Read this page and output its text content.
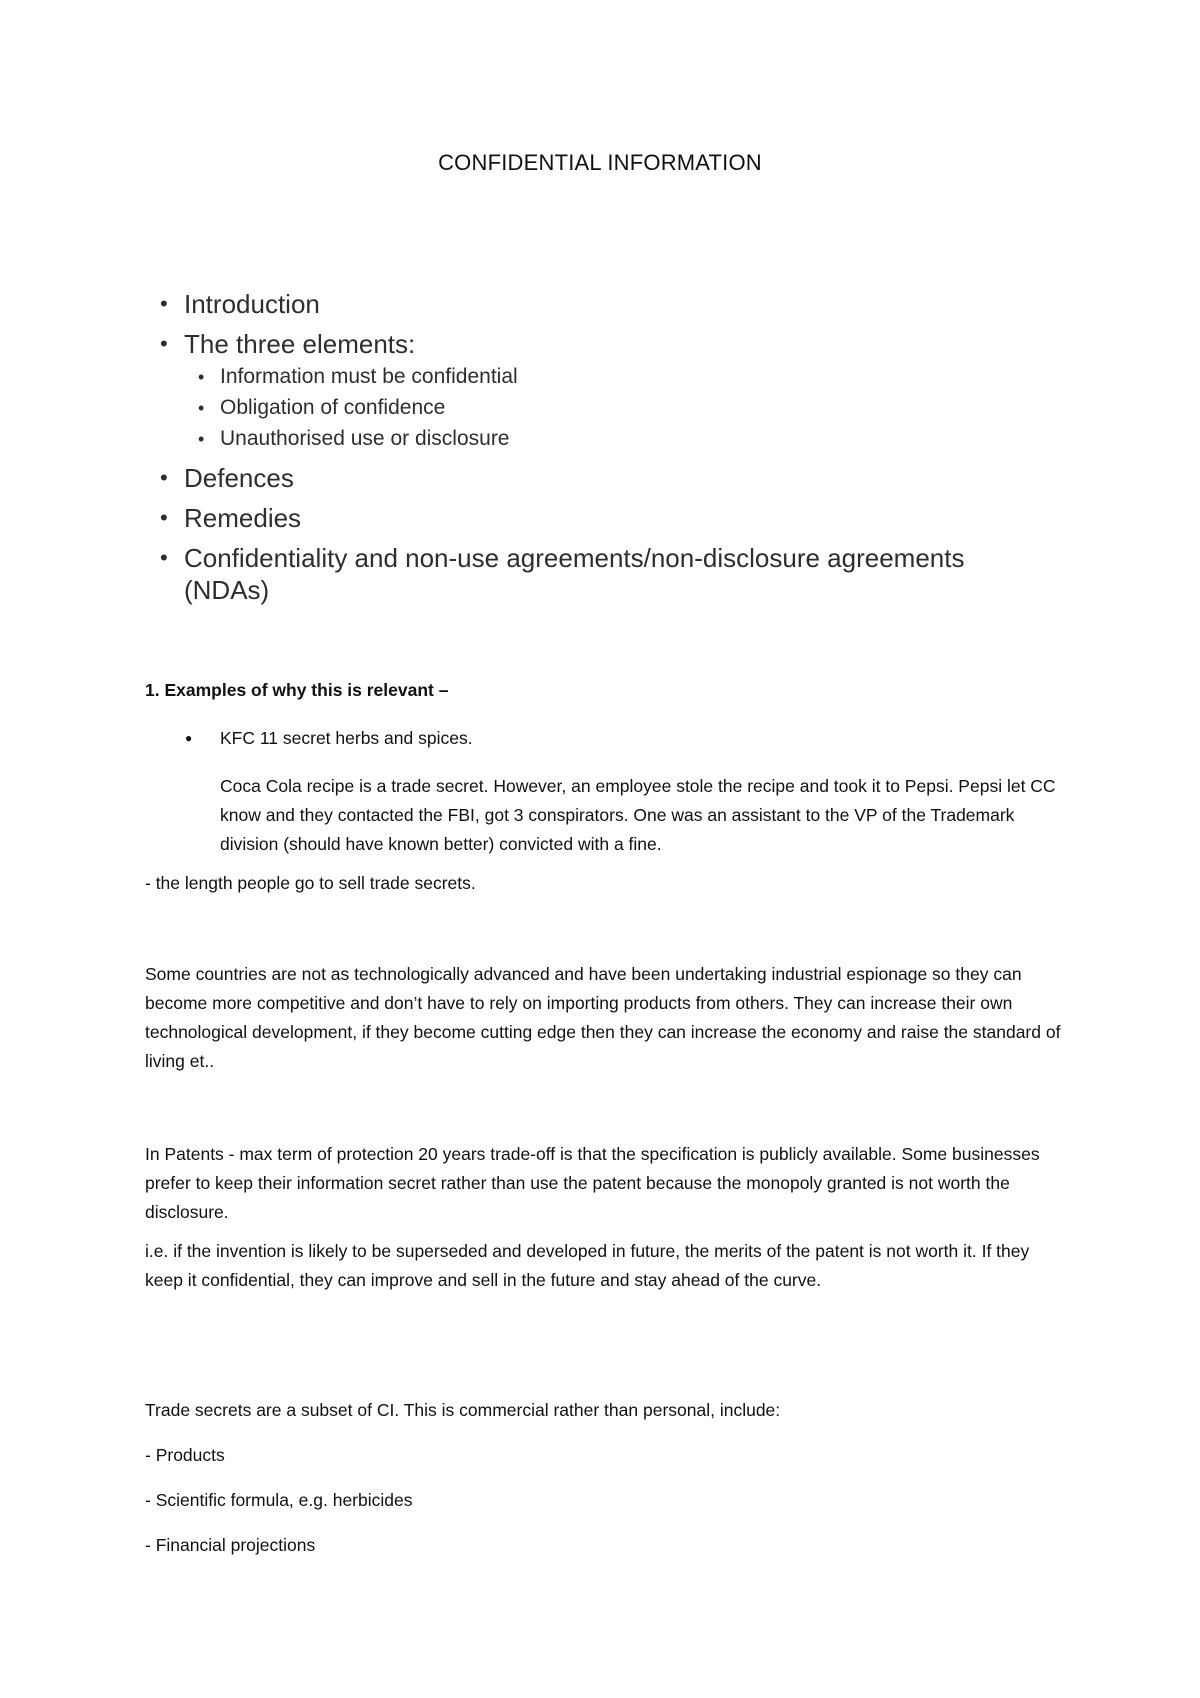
CONFIDENTIAL INFORMATION
• Introduction
• The three elements:
• Information must be confidential
• Obligation of confidence
• Unauthorised use or disclosure
• Defences
• Remedies
• Confidentiality and non-use agreements/non-disclosure agreements
(NDAs)

1. Examples of why this is relevant –

● KFC 11 secret herbs and spices.

Coca Cola recipe is a trade secret. However, an employee stole the recipe and took it to Pepsi. Pepsi let CC know and they contacted the FBI, got 3 conspirators. One was an assistant to the VP of the Trademark division (should have known better) convicted with a fine.

- the length people go to sell trade secrets.

Some countries are not as technologically advanced and have been undertaking industrial espionage so they can become more competitive and don’t have to rely on importing products from others. They can increase their own technological development, if they become cutting edge then they can increase the economy and raise the standard of living et..

In Patents - max term of protection 20 years trade-off is that the specification is publicly available. Some businesses prefer to keep their information secret rather than use the patent because the monopoly granted is not worth the disclosure.

i.e. if the invention is likely to be superseded and developed in future, the merits of the patent is not worth it. If they keep it confidential, they can improve and sell in the future and stay ahead of the curve.

Trade secrets are a subset of CI. This is commercial rather than personal, include:

- Products

- Scientific formula, e.g. herbicides

- Financial projections
